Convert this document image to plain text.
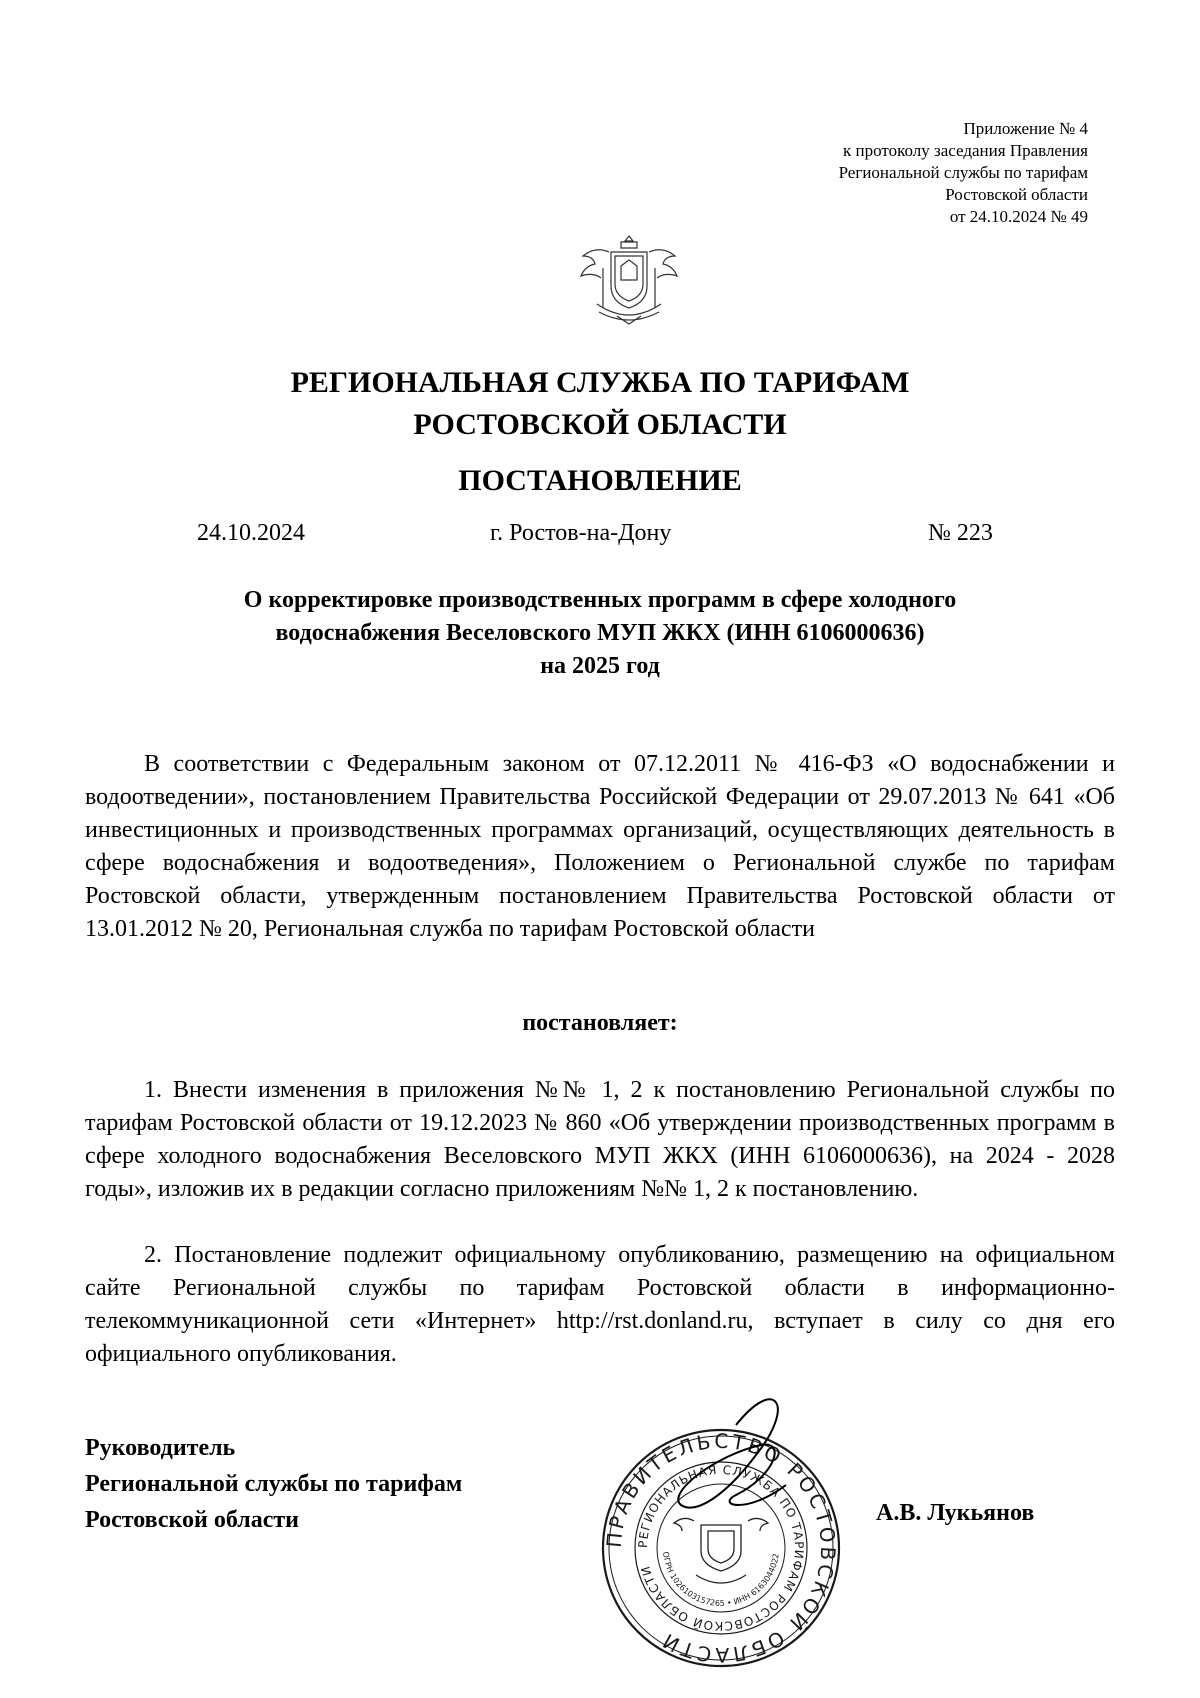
Приложение № 4
к протоколу заседания Правления
Региональной службы по тарифам
Ростовской области
от 24.10.2024 № 49
РЕГИОНАЛЬНАЯ СЛУЖБА ПО ТАРИФАМ
РОСТОВСКОЙ ОБЛАСТИ
ПОСТАНОВЛЕНИЕ
24.10.2024	г. Ростов-на-Дону	№ 223
О корректировке производственных программ в сфере холодного
водоснабжения Веселовского МУП ЖКХ (ИНН 6106000636)
на 2025 год

В соответствии с Федеральным законом от 07.12.2011 № 416-ФЗ «О водоснабжении и водоотведении», постановлением Правительства Российской Федерации от 29.07.2013 № 641 «Об инвестиционных и производственных программах организаций, осуществляющих деятельность в сфере водоснабжения и водоотведения», Положением о Региональной службе по тарифам Ростовской области, утвержденным постановлением Правительства Ростовской области от 13.01.2012 № 20, Региональная служба по тарифам Ростовской области

постановляет:

1. Внести изменения в приложения №№ 1, 2 к постановлению Региональной службы по тарифам Ростовской области от 19.12.2023 № 860 «Об утверждении производственных программ в сфере холодного водоснабжения Веселовского МУП ЖКХ (ИНН 6106000636), на 2024 - 2028 годы», изложив их в редакции согласно приложениям №№ 1, 2 к постановлению.

2. Постановление подлежит официальному опубликованию, размещению на официальном сайте Региональной службы по тарифам Ростовской области в информационно-телекоммуникационной сети «Интернет» http://rst.donland.ru, вступает в силу со дня его официального опубликования.

Руководитель
Региональной службы по тарифам
Ростовской области	А.В. Лукьянов
ПРАВИТЕЛЬСТВО РОСТОВСКОЙ ОБЛАСТИ
РЕГИОНАЛЬНАЯ СЛУЖБА ПО ТАРИФАМ РОСТОВСКОЙ ОБЛАСТИ
ОГРН 1026103157265 • ИНН 6163044022
